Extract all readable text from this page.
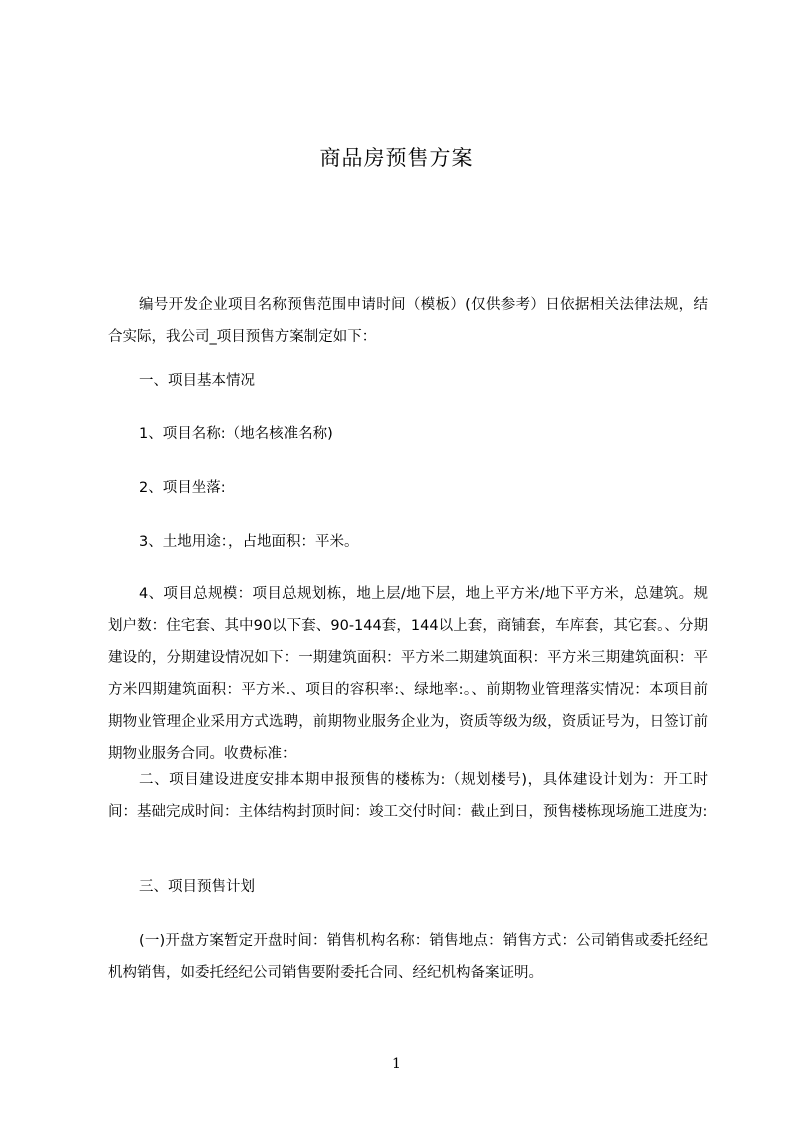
商品房预售方案

编号开发企业项目名称预售范围申请时间（模板）(仅供参考）日依据相关法律法规，结合实际，我公司_项目预售方案制定如下：

一、项目基本情况

1、项目名称:（地名核准名称)

2、项目坐落:

3、土地用途：，占地面积：平米。

4、项目总规模：项目总规划栋，地上层/地下层，地上平方米/地下平方米，总建筑。规划户数：住宅套、其中90以下套、90-144套，144以上套，商铺套，车库套，其它套。、分期建设的，分期建设情况如下：一期建筑面积：平方米二期建筑面积：平方米三期建筑面积：平方米四期建筑面积：平方米.、项目的容积率:、绿地率:。、前期物业管理落实情况：本项目前期物业管理企业采用方式选聘，前期物业服务企业为，资质等级为级，资质证号为，日签订前期物业服务合同。收费标准：

二、项目建设进度安排本期申报预售的楼栋为:（规划楼号)，具体建设计划为：开工时间：基础完成时间：主体结构封顶时间：竣工交付时间：截止到日，预售楼栋现场施工进度为:

三、项目预售计划

(一)开盘方案暂定开盘时间：销售机构名称：销售地点：销售方式：公司销售或委托经纪机构销售，如委托经纪公司销售要附委托合同、经纪机构备案证明。

1
